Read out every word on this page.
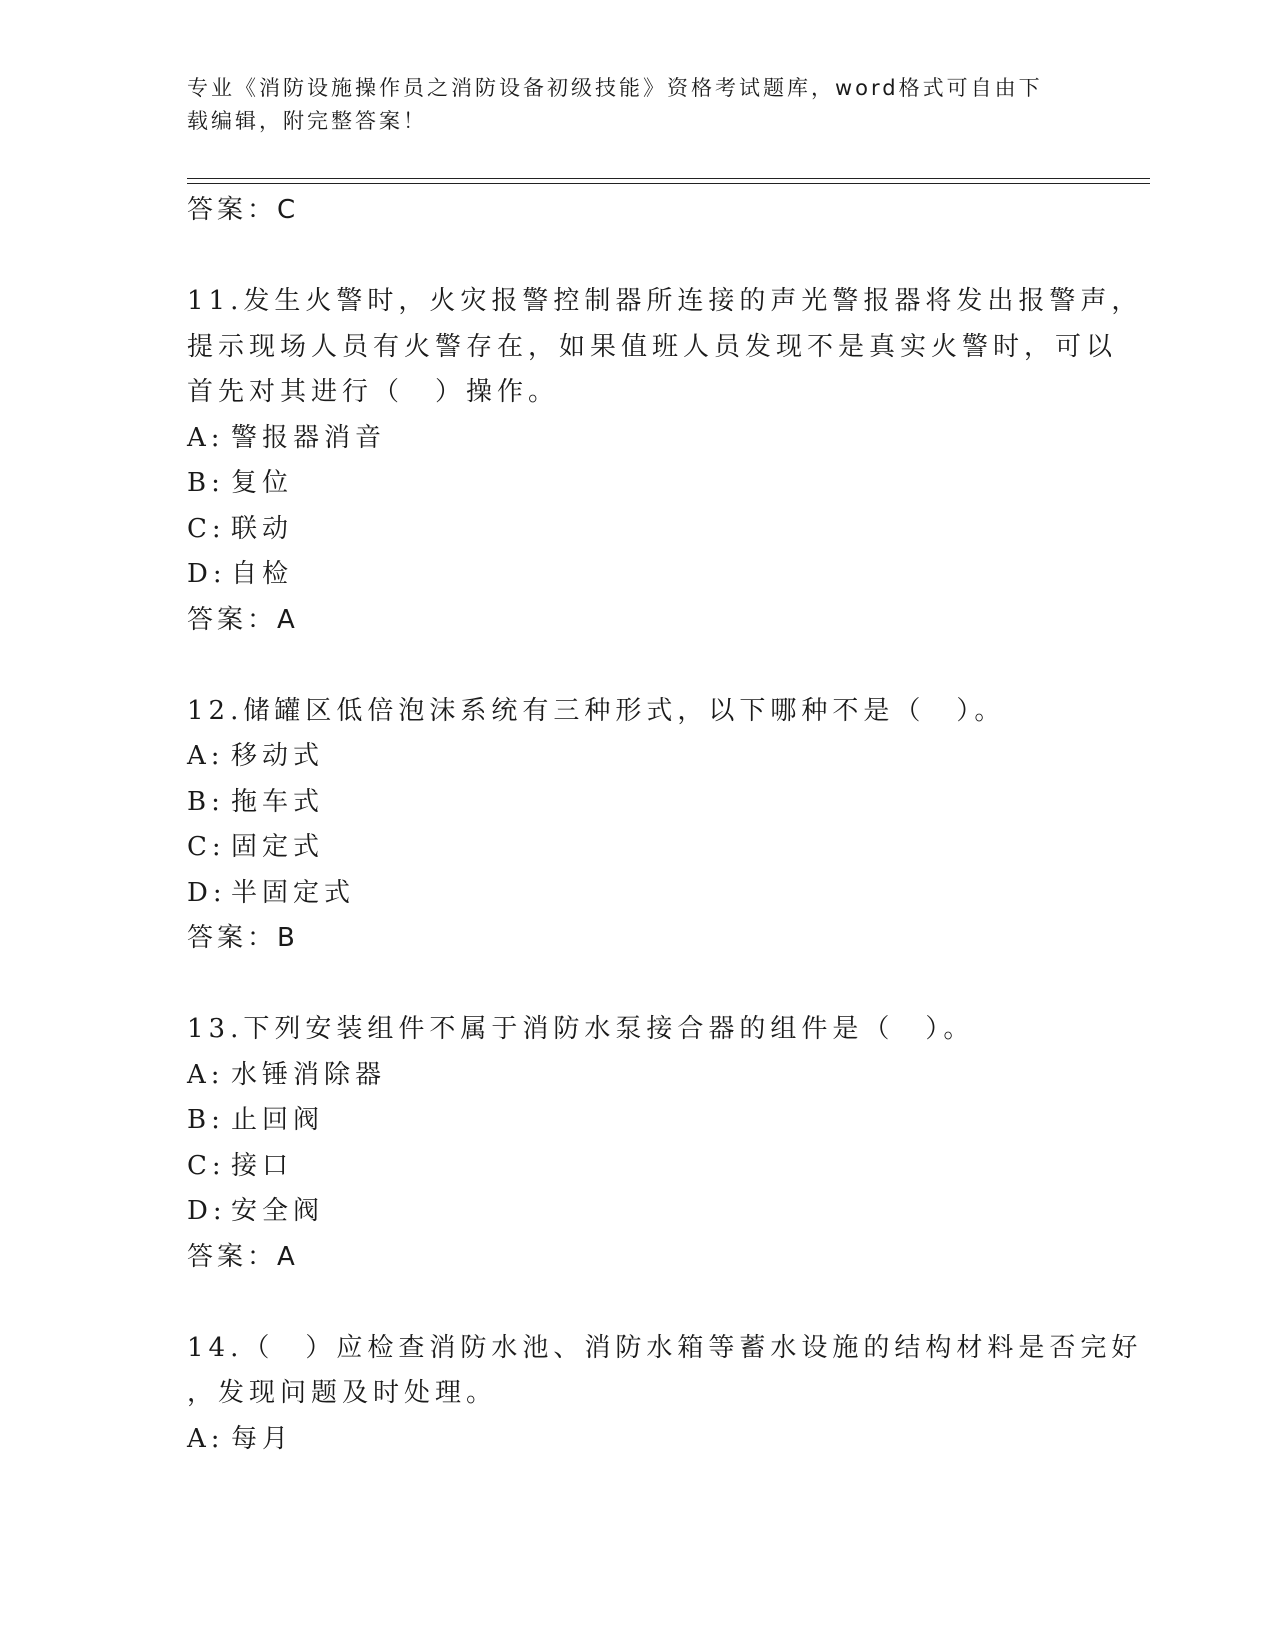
专业《消防设施操作员之消防设备初级技能》资格考试题库，word格式可自由下
载编辑，附完整答案！
答案：C
11.发生火警时，火灾报警控制器所连接的声光警报器将发出报警声，
提示现场人员有火警存在，如果值班人员发现不是真实火警时，可以
首先对其进行（　）操作。
A: 警报器消音
B: 复位
C: 联动
D: 自检
答案：A
12.储罐区低倍泡沫系统有三种形式，以下哪种不是（　）。
A: 移动式
B: 拖车式
C: 固定式
D: 半固定式
答案：B
13.下列安装组件不属于消防水泵接合器的组件是（　）。
A: 水锤消除器
B: 止回阀
C: 接口
D: 安全阀
答案：A
14.（　）应检查消防水池、消防水箱等蓄水设施的结构材料是否完好
，发现问题及时处理。
A: 每月
